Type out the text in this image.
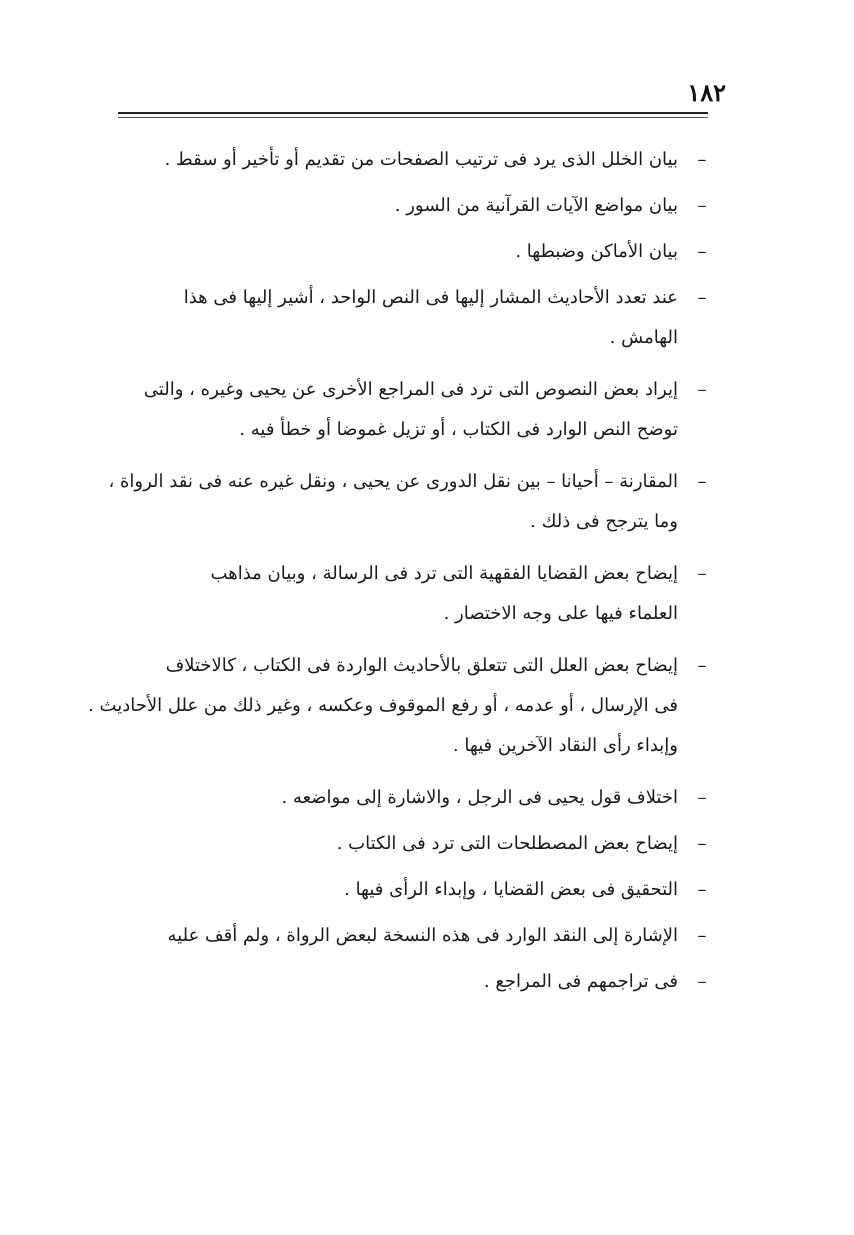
١٨٢
–
بيان الخلل الذى يرد فى ترتيب الصفحات من تقديم أو تأخير أو سقط .
–
بيان مواضع الآيات القرآنية من السور .
–
بيان الأماكن وضبطها .
–
عند تعدد الأحاديث المشار إليها فى النص الواحد ، أشير إليها فى هذا
الهامش .
–
إيراد بعض النصوص التى ترد فى المراجع الأخرى عن يحيى وغيره ، والتى
توضح النص الوارد فى الكتاب ، أو تزيل غموضا أو خطأ فيه .
–
المقارنة – أحيانا – بين نقل الدورى عن يحيى ، ونقل غيره عنه فى نقد الرواة ،
وما يترجح فى ذلك .
–
إيضاح بعض القضايا الفقهية التى ترد فى الرسالة ، وبيان مذاهب
العلماء فيها على وجه الاختصار .
–
إيضاح بعض العلل التى تتعلق بالأحاديث الواردة فى الكتاب ، كالاختلاف
فى الإرسال ، أو عدمه ، أو رفع الموقوف وعكسه ، وغير ذلك من علل الأحاديث .
وإبداء رأى النقاد الآخرين فيها .
–
اختلاف قول يحيى فى الرجل ، والاشارة إلى مواضعه .
–
إيضاح بعض المصطلحات التى ترد فى الكتاب .
–
التحقيق فى بعض القضايا ، وإبداء الرأى فيها .
–
الإشارة إلى النقد الوارد فى هذه النسخة لبعض الرواة ، ولم أقف عليه
–
فى تراجمهم فى المراجع .
